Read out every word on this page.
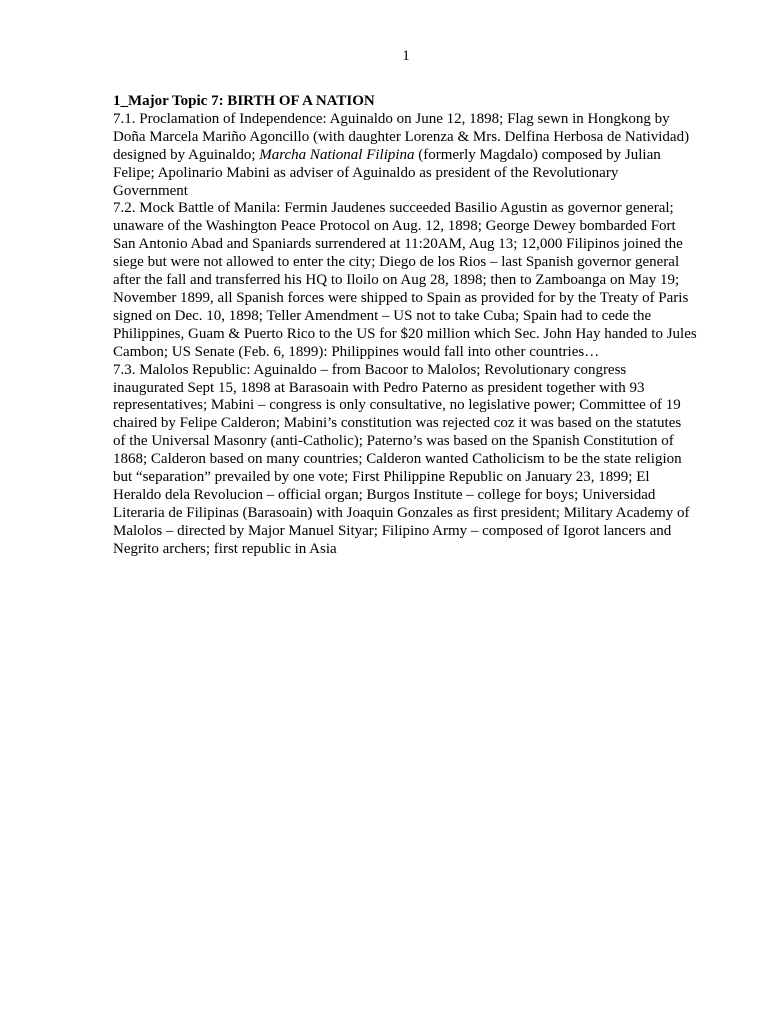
1
1_Major Topic 7: BIRTH OF A NATION
7.1. Proclamation of Independence: Aguinaldo on June 12, 1898; Flag sewn in Hongkong by
Doña Marcela Mariño Agoncillo (with daughter Lorenza & Mrs. Delfina Herbosa de Natividad)
designed by Aguinaldo; Marcha National Filipina (formerly Magdalo) composed by Julian
Felipe; Apolinario Mabini as adviser of Aguinaldo as president of the Revolutionary
Government
7.2. Mock Battle of Manila: Fermin Jaudenes succeeded Basilio Agustin as governor general;
unaware of the Washington Peace Protocol on Aug. 12, 1898; George Dewey bombarded Fort
San Antonio Abad and Spaniards surrendered at 11:20AM, Aug 13; 12,000 Filipinos joined the
siege but were not allowed to enter the city; Diego de los Rios – last Spanish governor general
after the fall and transferred his HQ to Iloilo on Aug 28, 1898; then to Zamboanga on May 19;
November 1899, all Spanish forces were shipped to Spain as provided for by the Treaty of Paris
signed on Dec. 10, 1898; Teller Amendment – US not to take Cuba; Spain had to cede the
Philippines, Guam & Puerto Rico to the US for $20 million which Sec. John Hay handed to Jules
Cambon; US Senate (Feb. 6, 1899): Philippines would fall into other countries…
7.3. Malolos Republic: Aguinaldo – from Bacoor to Malolos; Revolutionary congress
inaugurated Sept 15, 1898 at Barasoain with Pedro Paterno as president together with 93
representatives; Mabini – congress is only consultative, no legislative power; Committee of 19
chaired by Felipe Calderon; Mabini’s constitution was rejected coz it was based on the statutes
of the Universal Masonry (anti-Catholic); Paterno’s was based on the Spanish Constitution of
1868; Calderon based on many countries; Calderon wanted Catholicism to be the state religion
but “separation” prevailed by one vote; First Philippine Republic on January 23, 1899; El
Heraldo dela Revolucion – official organ; Burgos Institute – college for boys; Universidad
Literaria de Filipinas (Barasoain) with Joaquin Gonzales as first president; Military Academy of
Malolos – directed by Major Manuel Sityar; Filipino Army – composed of Igorot lancers and
Negrito archers; first republic in Asia
